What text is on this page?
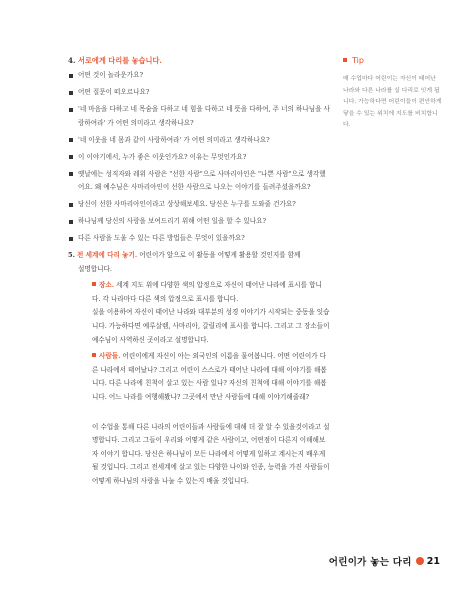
4. 서로에게 다리를 놓습니다.
어떤 것이 놀라운가요?
어떤 질문이 떠오르나요?
'네 마음을 다하고 네 목숨을 다하고 네 힘을 다하고 네 뜻을 다하여, 주 너의 하나님을 사랑하여라' 가 어떤 의미라고 생각하나요?
'네 이웃을 네 몸과 같이 사랑하여라' 가 어떤 의미라고 생각하나요?
이 이야기에서, 누가 좋은 이웃인가요? 이유는 무엇인가요?
옛날에는 성직자와 레위 사람은 "선한 사람"으로 사마리아인은 "나쁜 사람"으로 생각했어요. 왜 예수님은 사마리아인이 선한 사람으로 나오는 이야기를 들려주셨을까요?
당신이 선한 사마리아인이라고 상상해보세요. 당신은 누구를 도와줄 건가요?
하나님께 당신의 사랑을 보여드리기 위해 어떤 일을 할 수 있나요?
다른 사람을 도울 수 있는 다른 방법들은 무엇이 있을까요?

5. 전 세계에 다리 놓기. 어린이가 앞으로 이 활동을 어떻게 활용할 것인지를 함께

설명합니다.

장소. 세계 지도 위에 다양한 색의 압정으로 자신이 태어난 나라에 표시를 합니다. 각 나라마다 다른 색의 압정으로 표시를 합니다.

실을 이용하여 자신이 태어난 나라와 대부분의 성경 이야기가 시작되는 중동을 잇습니다. 가능하다면 예루살렘, 사마리아, 갈릴리에 표시를 합니다. 그리고 그 장소들이 예수님이 사역하신 곳이라고 설명합니다.

사람들. 어린이에게 자신이 아는 외국인의 이름을 물어봅니다. 어떤 어린이가 다른 나라에서 태어났나? 그리고 어린이 스스로가 태어난 나라에 대해 이야기를 해봅니다. 다른 나라에 친척이 살고 있는 사람 있나? 자신의 친척에 대해 이야기를 해봅니다. 어느 나라를 여행해봤나? 그곳에서 만난 사람들에 대해 이야기해줄래?

이 수업을 통해 다른 나라의 어린이들과 사람들에 대해 더 잘 알 수 있을것이라고 설명합니다. 그리고 그들이 우리와 어떻게 같은 사람이고, 어떤점이 다른지 이해해보자 이야기 합니다. 당신은 하나님이 모든 나라에서 어떻게 일하고 계시는지 배우게 될 것입니다. 그리고 전세계에 살고 있는 다양한 나이와 인종, 능력을 가진 사람들이 어떻게 하나님의 사랑을 나눌 수 있는지 배울 것입니다.

Tip

매 수업마다 어린이는 자신이 태어난 나라와 다른 나라를 실 다리로 잇게 됩니다. 가능하다면 어린이들이 편안하게 닿을 수 있는 위치에 지도를 비치합니다.

어린이가 놓는 다리 21
